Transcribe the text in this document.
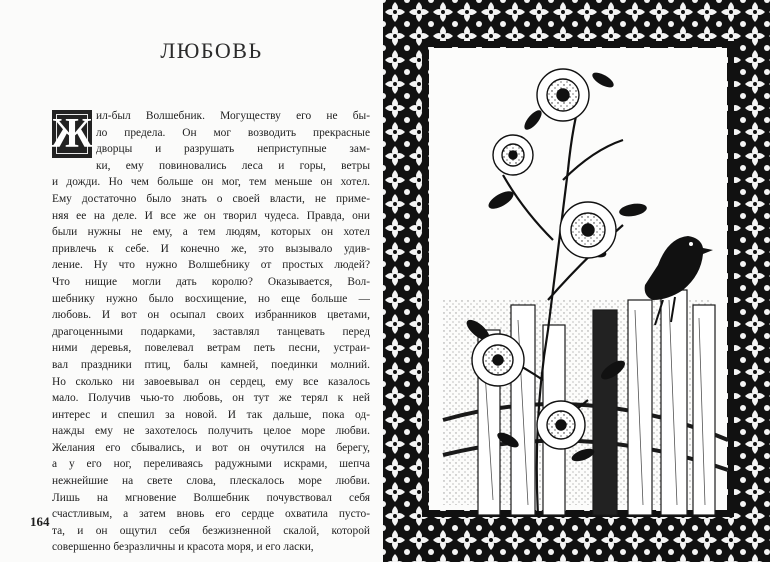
ЛЮБОВЬ
Ж ил-был Волшебник. Могуществу его не бы-
ло предела. Он мог возводить прекрасные
дворцы и разрушать неприступные зам-
ки, ему повиновались леса и горы, ветры
и дожди. Но чем больше он мог, тем меньше он хотел.
Ему достаточно было знать о своей власти, не приме-
няя ее на деле. И все же он творил чудеса. Правда, они
были нужны не ему, а тем людям, которых он хотел
привлечь к себе. И конечно же, это вызывало удив-
ление. Ну что нужно Волшебнику от простых людей?
Что нищие могли дать королю? Оказывается, Вол-
шебнику нужно было восхищение, но еще больше —
любовь. И вот он осыпал своих избранников цветами,
драгоценными подарками, заставлял танцевать перед
ними деревья, повелевал ветрам петь песни, устраи-
вал праздники птиц, балы камней, поединки молний.
Но сколько ни завоевывал он сердец, ему все казалось
мало. Получив чью-то любовь, он тут же терял к ней
интерес и спешил за новой. И так дальше, пока од-
нажды ему не захотелось получить целое море любви.
Желания его сбывались, и вот он очутился на берегу,
а у его ног, переливаясь радужными искрами, шепча
нежнейшие на свете слова, плескалось море любви.
Лишь на мгновение Волшебник почувствовал себя
счастливым, а затем вновь его сердце охватила пусто-
та, и он ощутил себя безжизненной скалой, которой
совершенно безразличны и красота моря, и его ласки,
164
